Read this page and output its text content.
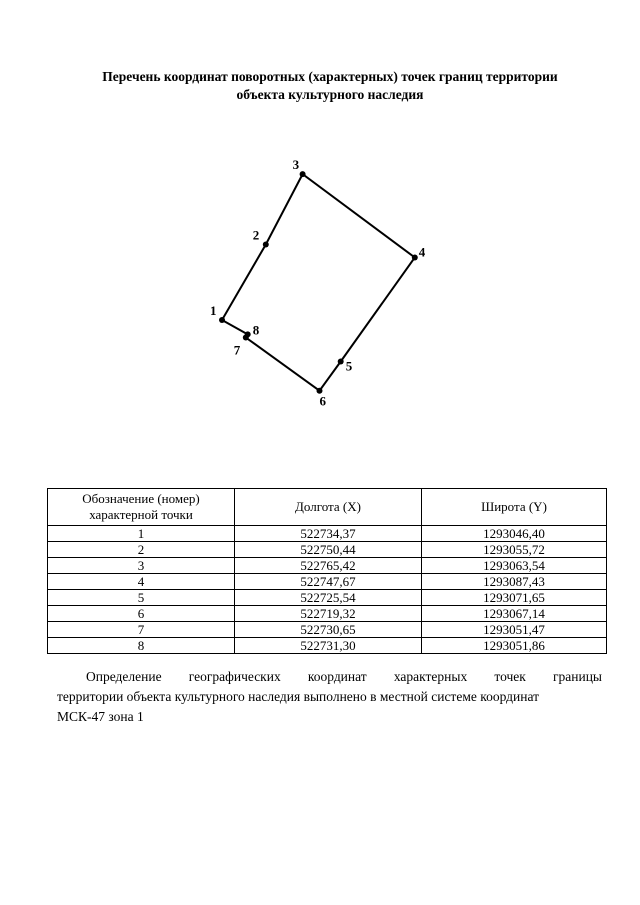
Перечень координат поворотных (характерных) точек границ территории
объекта культурного наследия
1
2
3
4
5
6
7
8
Обозначение (номер) характерной точки	Долгота (X)	Широта (Y)
1	522734,37	1293046,40
2	522750,44	1293055,72
3	522765,42	1293063,54
4	522747,67	1293087,43
5	522725,54	1293071,65
6	522719,32	1293067,14
7	522730,65	1293051,47
8	522731,30	1293051,86
Определение географических координат характерных точек границы
территории объекта культурного наследия выполнено в местной системе координат
МСК-47 зона 1
